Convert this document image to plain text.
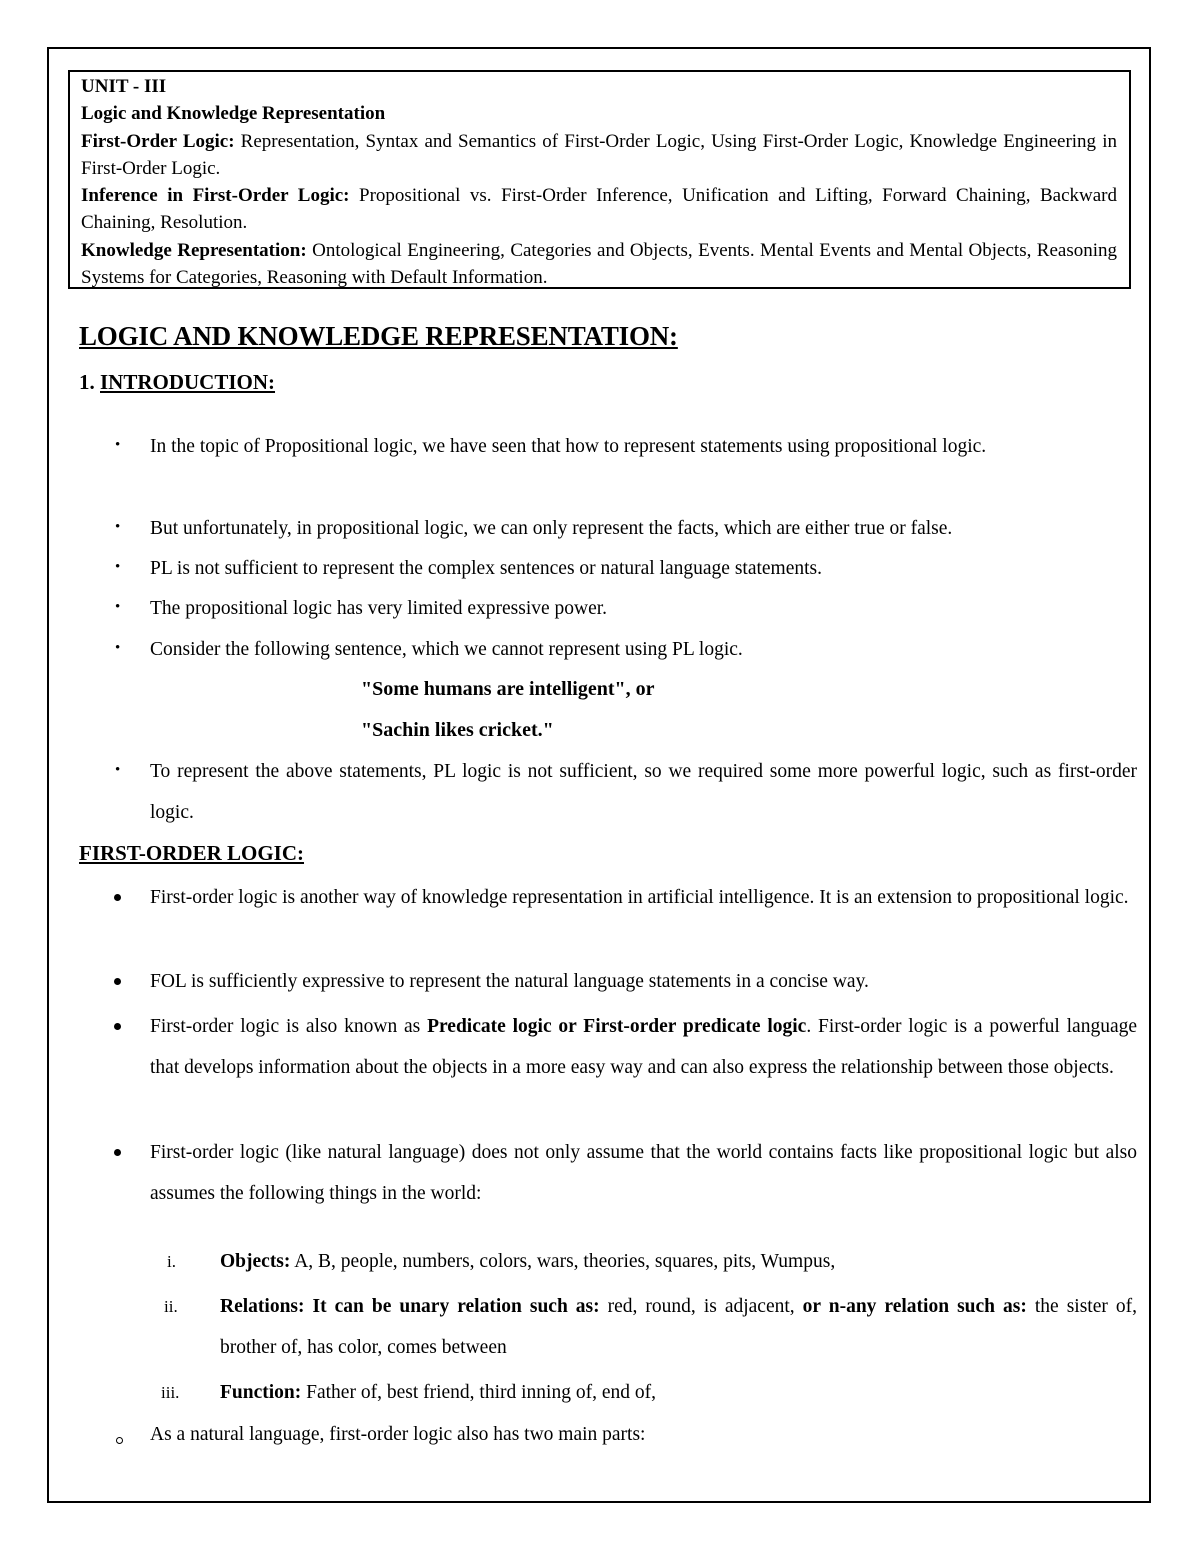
UNIT - III

Logic and Knowledge Representation

First-Order Logic: Representation, Syntax and Semantics of First-Order Logic, Using First-Order Logic, Knowledge Engineering in First-Order Logic.

Inference in First-Order Logic: Propositional vs. First-Order Inference, Unification and Lifting, Forward Chaining, Backward Chaining, Resolution.

Knowledge Representation: Ontological Engineering, Categories and Objects, Events. Mental Events and Mental Objects, Reasoning Systems for Categories, Reasoning with Default Information.

LOGIC AND KNOWLEDGE REPRESENTATION:
1. INTRODUCTION:
• In the topic of Propositional logic, we have seen that how to represent statements using propositional logic.
• But unfortunately, in propositional logic, we can only represent the facts, which are either true or false.
• PL is not sufficient to represent the complex sentences or natural language statements.
• The propositional logic has very limited expressive power.
• Consider the following sentence, which we cannot represent using PL logic.
"Some humans are intelligent", or
"Sachin likes cricket."
• To represent the above statements, PL logic is not sufficient, so we required some more powerful logic, such as first-order logic.
FIRST-ORDER LOGIC:
First-order logic is another way of knowledge representation in artificial intelligence. It is an extension to propositional logic.
FOL is sufficiently expressive to represent the natural language statements in a concise way.
First-order logic is also known as Predicate logic or First-order predicate logic. First-order logic is a powerful language that develops information about the objects in a more easy way and can also express the relationship between those objects.
First-order logic (like natural language) does not only assume that the world contains facts like propositional logic but also assumes the following things in the world:
i. Objects: A, B, people, numbers, colors, wars, theories, squares, pits, Wumpus,
ii. Relations: It can be unary relation such as: red, round, is adjacent, or n-any relation such as: the sister of, brother of, has color, comes between
iii. Function: Father of, best friend, third inning of, end of,
As a natural language, first-order logic also has two main parts:
